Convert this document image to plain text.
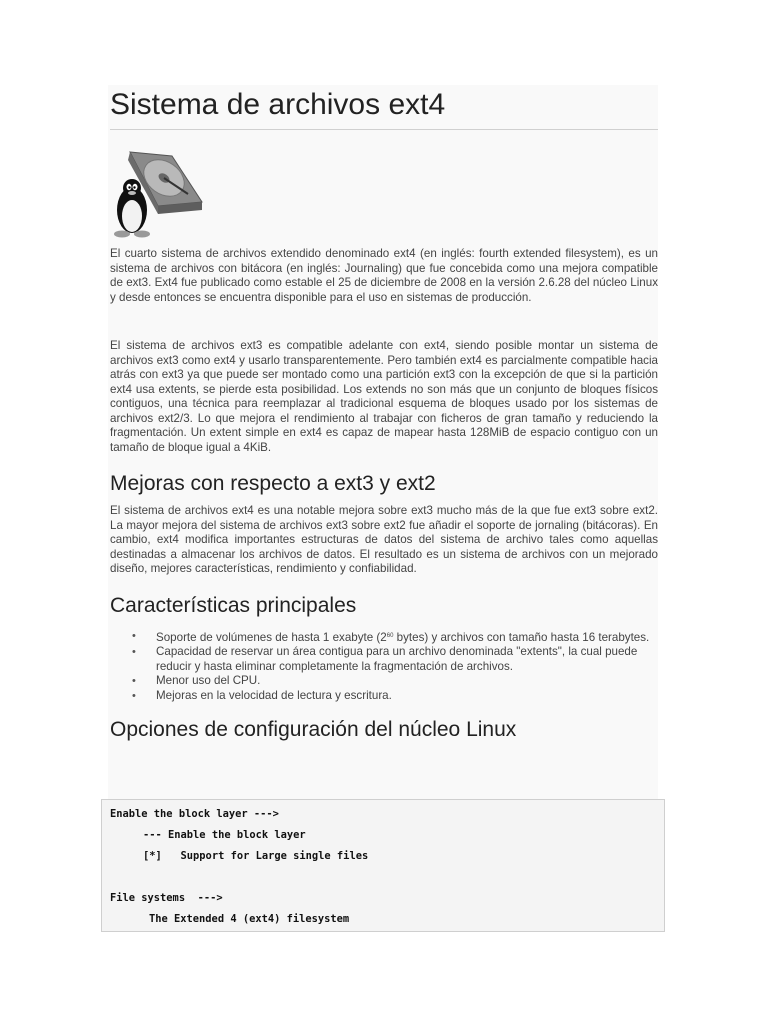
Sistema de archivos ext4

El cuarto sistema de archivos extendido denominado ext4 (en inglés: fourth extended filesystem), es un sistema de archivos con bitácora (en inglés: Journaling) que fue concebida como una mejora compatible de ext3. Ext4 fue publicado como estable el 25 de diciembre de 2008 en la versión 2.6.28 del núcleo Linux y desde entonces se encuentra disponible para el uso en sistemas de producción.

El sistema de archivos ext3 es compatible adelante con ext4, siendo posible montar un sistema de archivos ext3 como ext4 y usarlo transparentemente. Pero también ext4 es parcialmente compatible hacia atrás con ext3 ya que puede ser montado como una partición ext3 con la excepción de que si la partición ext4 usa extents, se pierde esta posibilidad. Los extends no son más que un conjunto de bloques físicos contiguos, una técnica para reemplazar al tradicional esquema de bloques usado por los sistemas de archivos ext2/3. Lo que mejora el rendimiento al trabajar con ficheros de gran tamaño y reduciendo la fragmentación. Un extent simple en ext4 es capaz de mapear hasta 128MiB de espacio contiguo con un tamaño de bloque igual a 4KiB.

Mejoras con respecto a ext3 y ext2

El sistema de archivos ext4 es una notable mejora sobre ext3 mucho más de la que fue ext3 sobre ext2. La mayor mejora del sistema de archivos ext3 sobre ext2 fue añadir el soporte de jornaling (bitácoras). En cambio, ext4 modifica importantes estructuras de datos del sistema de archivo tales como aquellas destinadas a almacenar los archivos de datos. El resultado es un sistema de archivos con un mejorado diseño, mejores características, rendimiento y confiabilidad.

Características principales
• Soporte de volúmenes de hasta 1 exabyte ($2^{60}$ bytes) y archivos con tamaño hasta 16 terabytes.
• Capacidad de reservar un área contigua para un archivo denominada "extents", la cual puede reducir y hasta eliminar completamente la fragmentación de archivos.
• Menor uso del CPU.
• Mejoras en la velocidad de lectura y escritura.
Opciones de configuración del núcleo Linux
Enable the block layer --->
--- Enable the block layer
[*]   Support for Large single files
File systems  --->
The Extended 4 (ext4) filesystem
